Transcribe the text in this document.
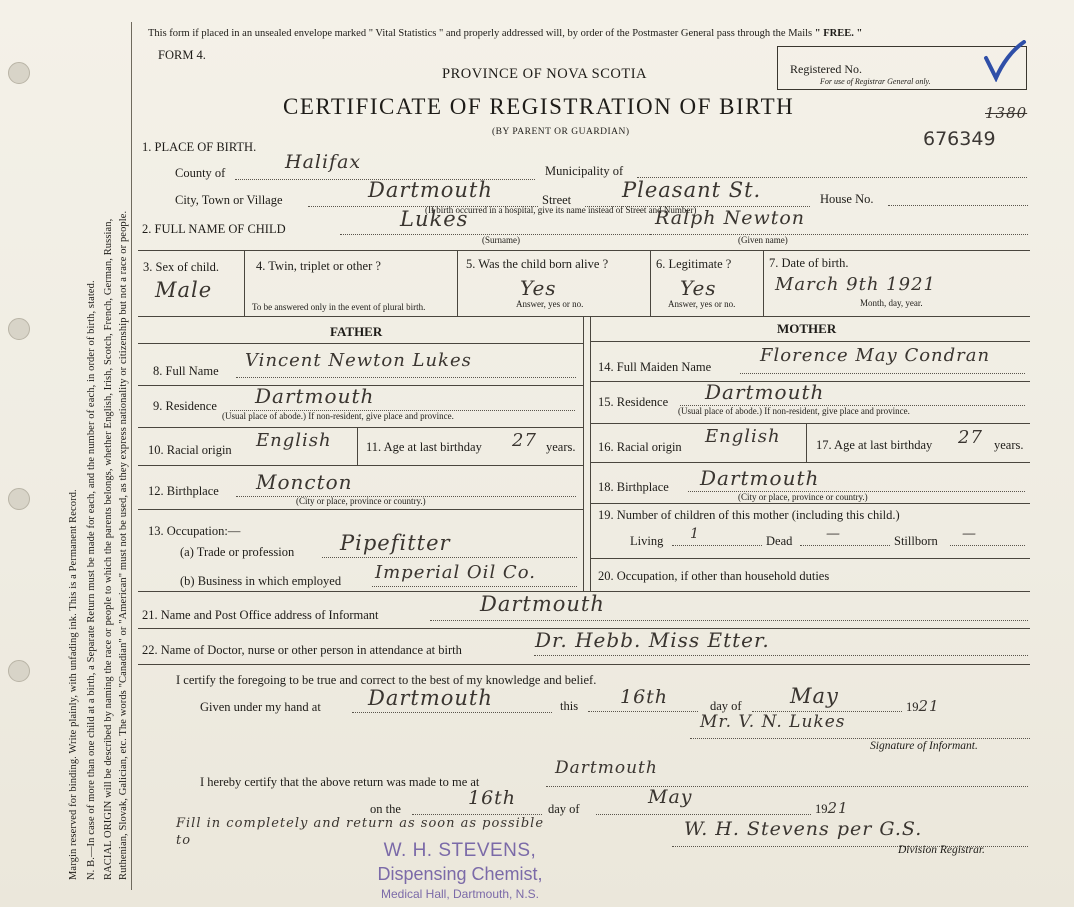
Margin reserved for binding. Write plainly, with unfading ink. This is a Permanent Record. N. B.—In case of more than one child at a birth, a Separate Return must be made for each, and the number of each, in order of birth, stated. RACIAL ORIGIN will be described by naming the race or people to which the parents belongs, whether English, Irish, Scotch, French, German, Russian, Ruthenian, Slovak, Galician, etc. The words "Canadian" or "American" must not be used, as they express nationality or citizenship but not a race or people.
This form if placed in an unsealed envelope marked " Vital Statistics " and properly addressed will, by order of the Postmaster General pass through the Mails " FREE. "
FORM 4.
PROVINCE OF NOVA SCOTIA
CERTIFICATE OF REGISTRATION OF BIRTH
(BY PARENT OR GUARDIAN)
Registered No.
For use of Registrar General only.
1380
676349
1. PLACE OF BIRTH.
County of	Halifax	Municipality of
City, Town or Village	Dartmouth	Street Pleasant St.	House No.
(If birth occurred in a hospital, give its name instead of Street and Number)
2. FULL NAME OF CHILD	Lukes
(Surname)
Ralph Newton
(Given name)
3. Sex of child.
Male
4. Twin, triplet or other ?
To be answered only in the event of plural birth.
5. Was the child born alive ?
Yes
Answer, yes or no.
6. Legitimate ?
Yes
Answer, yes or no.
7. Date of birth.
March 9th 1921
Month, day, year.
FATHER	MOTHER
8. Full Name Vincent Newton Lukes
9. Residence Dartmouth
(Usual place of abode.) If non-resident, give place and province.
10. Racial origin English	11. Age at last birthday 27 years.
12. Birthplace Moncton
(City or place, province or country.)
13. Occupation:—
(a) Trade or profession Pipefitter
(b) Business in which employed Imperial Oil Co.
14. Full Maiden Name
Florence May Condran
15. Residence Dartmouth
(Usual place of abode.) If non-resident, give place and province.
16. Racial origin English	17. Age at last birthday 27 years.
18. Birthplace Dartmouth
(City or place, province or country.)
19. Number of children of this mother (including this child.)
Living 1	Dead —	Stillborn —
20. Occupation, if other than household duties
21. Name and Post Office address of Informant	Dartmouth
22. Name of Doctor, nurse or other person in attendance at birth	Dr. Hebb. Miss Etter.
I certify the foregoing to be true and correct to the best of my knowledge and belief.
Given under my hand at Dartmouth	this 16th	day of May	1921
Mr. V. N. Lukes
Signature of Informant.
I hereby certify that the above return was made to me at
Dartmouth
on the	16th	day of
May
1921
W. H. Stevens per G.S.
Division Registrar.
Fill in completely and return as soon as possible to	W. H. STEVENS,
Dispensing Chemist,
Medical Hall, Dartmouth, N.S.
